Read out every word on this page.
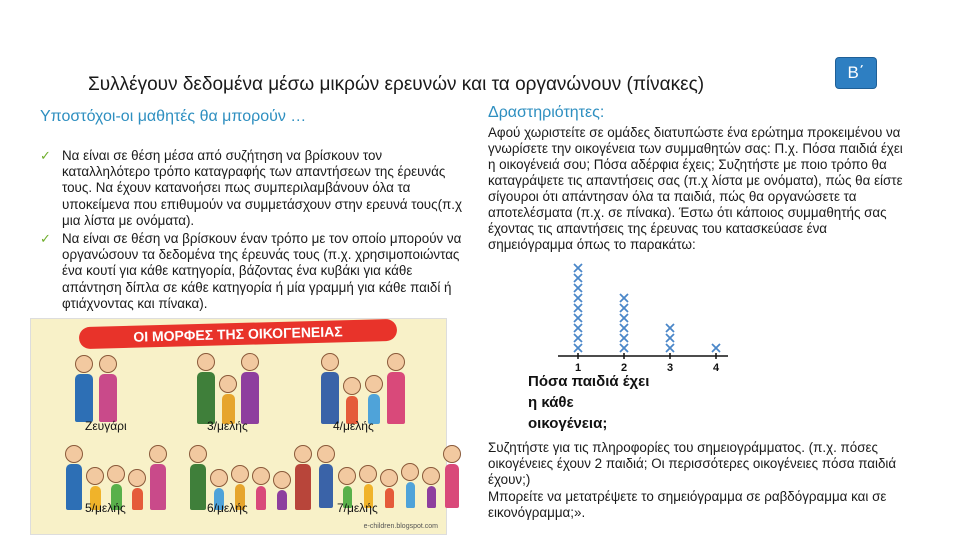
Συλλέγουν δεδομένα μέσω μικρών ερευνών και τα οργανώνουν (πίνακες)
Β΄
Υποστόχοι-οι μαθητές θα μπορούν …
✓ Να είναι σε θέση μέσα από συζήτηση να βρίσκουν τον καταλληλότερο τρόπο καταγραφής των απαντήσεων της έρευνάς τους. Να έχουν κατανοήσει πως συμπεριλαμβάνουν όλα τα υποκείμενα που επιθυμούν να συμμετάσχουν στην ερευνά τους(π.χ μια λίστα με ονόματα).
✓ Να είναι σε θέση να βρίσκουν έναν τρόπο με τον οποίο μπορούν να οργανώσουν τα δεδομένα της έρευνάς τους (π.χ. χρησιμοποιώντας ένα κουτί για κάθε κατηγορία, βάζοντας ένα κυβάκι για κάθε απάντηση δίπλα σε κάθε κατηγορία ή μία γραμμή για κάθε παιδί ή φτιάχνοντας και πίνακα).
Δραστηριότητες:

Αφού χωριστείτε σε ομάδες διατυπώστε ένα ερώτημα προκειμένου να γνωρίσετε την οικογένεια των συμμαθητών σας: Π.χ. Πόσα παιδιά έχει η οικογένειά σου; Πόσα αδέρφια έχεις; Συζητήστε με ποιο τρόπο θα καταγράψετε τις απαντήσεις σας (π.χ λίστα με ονόματα), πώς θα είστε σίγουροι ότι απάντησαν όλα τα παιδιά, πώς θα οργανώσετε τα αποτελέσματα (π.χ. σε πίνακα). Έστω ότι κάποιος συμμαθητής σας έχοντας τις απαντήσεις της έρευνας του κατασκεύασε ένα σημειόγραμμα όπως το παρακάτω:

1	2	3	4
Πόσα παιδιά έχει
η κάθε
οικογένεια;

Συζητήστε για τις πληροφορίες του σημειογράμματος. (π.χ. πόσες οικογένειες έχουν 2 παιδιά; Οι περισσότερες οικογένειες πόσα παιδιά έχουν;)

Μπορείτε να μετατρέψετε το σημειόγραμμα σε ραβδόγραμμα και σε εικονόγραμμα;».

ΟΙ ΜΟΡΦΕΣ ΤΗΣ ΟΙΚΟΓΕΝΕΙΑΣ
Ζευγάρι	3/μελής	4/μελής
5/μελής	6/μελής	7/μελής
e-children.blogspot.com
